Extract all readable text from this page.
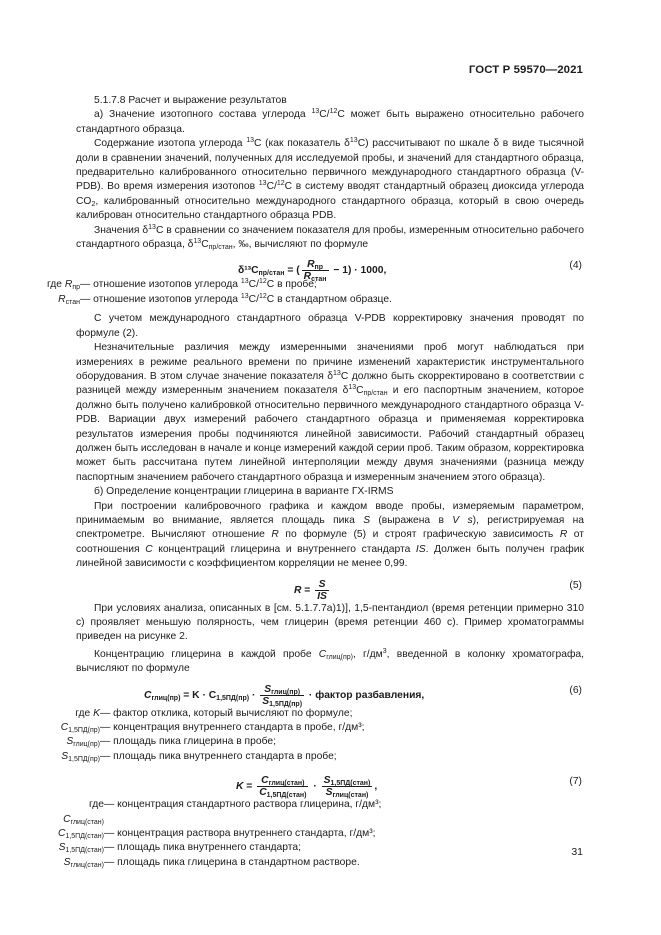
ГОСТ Р 59570—2021

5.1.7.8 Расчет и выражение результатов

а) Значение изотопного состава углерода $^{13}$C/$^{12}$C может быть выражено относительно рабочего стандартного образца.

Содержание изотопа углерода $^{13}$C (как показатель $\delta^{13}C$) рассчитывают по шкале δ в виде тысячной доли в сравнении значений, полученных для исследуемой пробы, и значений для стандартного образца, предварительно калиброванного относительно первичного международного стандартного образца (V-PDB). Во время измерения изотопов $^{13}$C/$^{12}$C в систему вводят стандартный образец диоксида углерода $CO_2$, калиброванный относительно международного стандартного образца, который в свою очередь калиброван относительно стандартного образца PDB.

Значения $\delta^{13}C$ в сравнении со значением показателя для пробы, измеренным относительно рабочего стандартного образца, $\delta^{13}C_{пр/стан}$, ‰, вычисляют по формуле

$\delta^{13}C_{пр/стан}$ = ( $\frac{R_{пр}}{R_{стан}} - 1) \cdot 1000$,	(4)
где $R_{пр}$ — отношение изотопов углерода $^{13}$C/$^{12}$C в пробе;
$R_{стан}$ — отношение изотопов углерода $^{13}$C/$^{12}$C в стандартном образце.

С учетом международного стандартного образца V-PDB корректировку значения проводят по формуле (2).

Незначительные различия между измеренными значениями проб могут наблюдаться при измерениях в режиме реального времени по причине изменений характеристик инструментального оборудования. В этом случае значение показателя $\delta^{13}C$ должно быть скорректировано в соответствии с разницей между измеренным значением показателя $\delta^{13}C_{пр/стан}$ и его паспортным значением, которое должно быть получено калибровкой относительно первичного международного стандартного образца V-PDB. Вариации двух измерений рабочего стандартного образца и применяемая корректировка результатов измерения пробы подчиняются линейной зависимости. Рабочий стандартный образец должен быть исследован в начале и конце измерений каждой серии проб. Таким образом, корректировка может быть рассчитана путем линейной интерполяции между двумя значениями (разница между паспортным значением рабочего стандартного образца и измеренным значением этого образца).

б) Определение концентрации глицерина в варианте ГХ-IRMS

При построении калибровочного графика и каждом вводе пробы, измеряемым параметром, принимаемым во внимание, является площадь пика S (выражена в V s), регистрируемая на спектрометре. Вычисляют отношение R по формуле (5) и строят графическую зависимость R от соотношения C концентраций глицерина и внутреннего стандарта IS. Должен быть получен график линейной зависимости с коэффициентом корреляции не менее 0,99.

$R = \frac{S}{IS}$	(5)

При условиях анализа, описанных в [см. 5.1.7.7а)1)], 1,5-пентандиол (время ретенции примерно 310 с) проявляет меньшую полярность, чем глицерин (время ретенции 460 с). Пример хроматограммы приведен на рисунке 2.

Концентрацию глицерина в каждой пробе $C_{глиц(пр)}$, $г/дм^3$, введенной в колонку хроматографа, вычисляют по формуле

$C_{глиц(пр)} = K \cdot C_{1,5ПД(пр)} \cdot \frac{S_{глиц(пр)}}{S_{1,5ПД(пр)}}$ · фактор разбавления,	(6)
где K — фактор отклика, который вычисляют по формуле;
$C_{1,5ПД(пр)}$ — концентрация внутреннего стандарта в пробе, г/дм³;
$S_{глиц(пр)}$ — площадь пика глицерина в пробе;
$S_{1,5ПД(пр)}$ — площадь пика внутреннего стандарта в пробе;
$K = \frac{C_{глиц(стан)}}{C_{1,5ПД(стан)}} \cdot \frac{S_{1,5ПД(стан)}}{S_{глиц(стан)}}$ ,	(7)
где $C_{глиц(стан)}$
— концентрация стандартного раствора глицерина, г/дм³;
$C_{1,5ПД(стан)}$ — концентрация раствора внутреннего стандарта, г/дм³;
$S_{1,5ПД(стан)}$ — площадь пика внутреннего стандарта;
$S_{глиц(стан)}$ — площадь пика глицерина в стандартном растворе.
31
